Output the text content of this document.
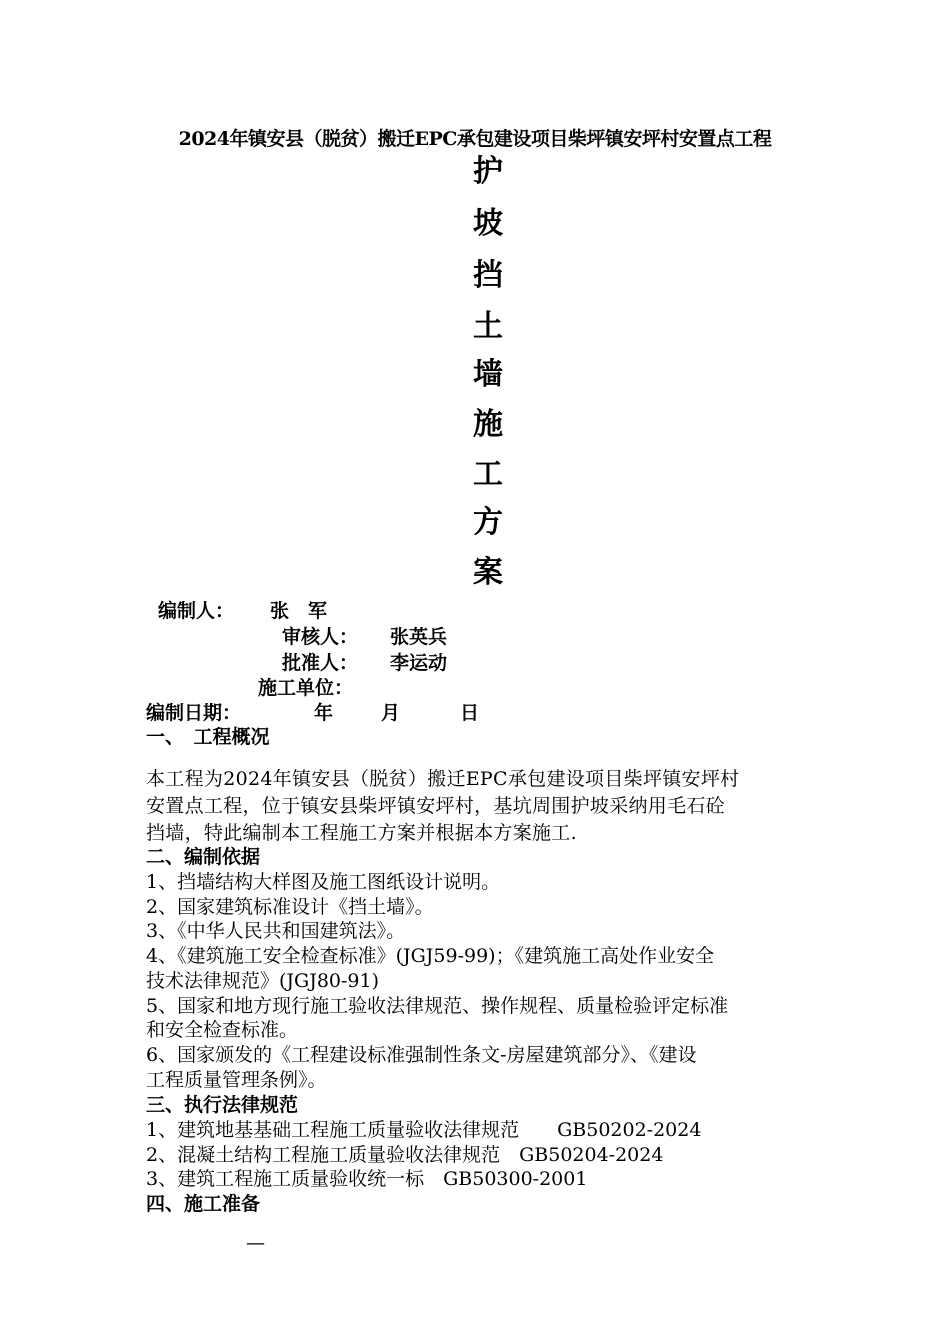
2024年镇安县（脱贫）搬迁EPC承包建设项目柴坪镇安坪村安置点工程
护
坡
挡
土
墙
施
工
方
案
编制人： 张　军
审核人： 张英兵
批准人： 李运动
施工单位：
编制日期：	年	月	日
一、　工程概况
本工程为2024年镇安县（脱贫）搬迁EPC承包建设项目柴坪镇安坪村
安置点工程，位于镇安县柴坪镇安坪村，基坑周围护坡采纳用毛石砼
挡墙，特此编制本工程施工方案并根据本方案施工.
二、编制依据
1、挡墙结构大样图及施工图纸设计说明。
2、国家建筑标准设计《挡土墙》。
3、《中华人民共和国建筑法》。
4、《建筑施工安全检查标准》(JGJ59-99)；《建筑施工高处作业安全
技术法律规范》(JGJ80-91)
5、国家和地方现行施工验收法律规范、操作规程、质量检验评定标准
和安全检查标准。
6、国家颁发的《工程建设标准强制性条文-房屋建筑部分》、《建设
工程质量管理条例》。
三、执行法律规范
1、建筑地基基础工程施工质量验收法律规范　　GB50202-2024
2、混凝土结构工程施工质量验收法律规范　GB50204-2024
3、建筑工程施工质量验收统一标　GB50300-2001
四、施工准备
—
